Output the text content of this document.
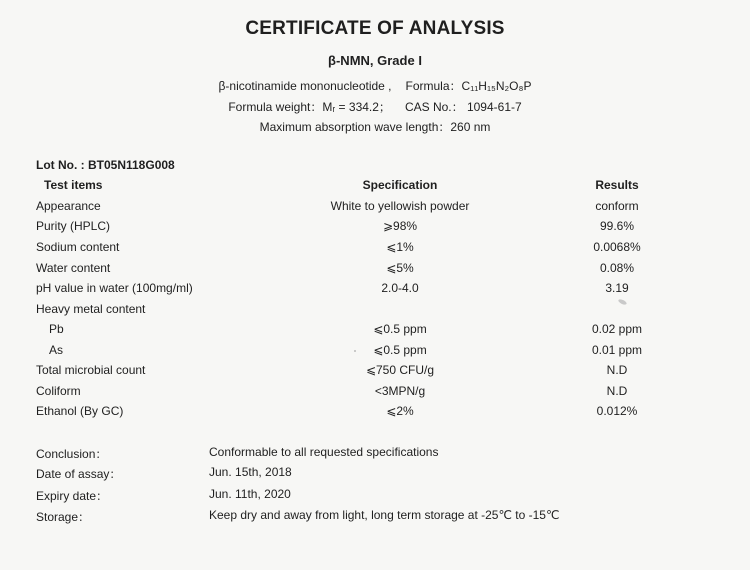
CERTIFICATE OF ANALYSIS
β-NMN, Grade I
β-nicotinamide mononucleotide , Formula：C₁₁H₁₅N₂O₈P
Formula weight：Mᵣ = 334.2； CAS No.： 1094-61-7
Maximum absorption wave length：260 nm
Lot No. : BT05N118G008
Test items	Specification	Results
Appearance	White to yellowish powder	conform
Purity (HPLC)	⩾98%	99.6%
Sodium content	⩽1%	0.0068%
Water content	⩽5%	0.08%
pH value in water (100mg/ml)	2.0-4.0	3.19
Heavy metal content
Pb	⩽0.5 ppm	0.02 ppm
As	⩽0.5 ppm	0.01 ppm
Total microbial count	⩽750 CFU/g	N.D
Coliform	<3MPN/g	N.D
Ethanol (By GC)	⩽2%	0.012%
Conclusion：	Conformable to all requested specifications
Date of assay：	Jun. 15th, 2018
Expiry date：	Jun. 11th, 2020
Storage：	Keep dry and away from light, long term storage at -25℃ to -15℃
